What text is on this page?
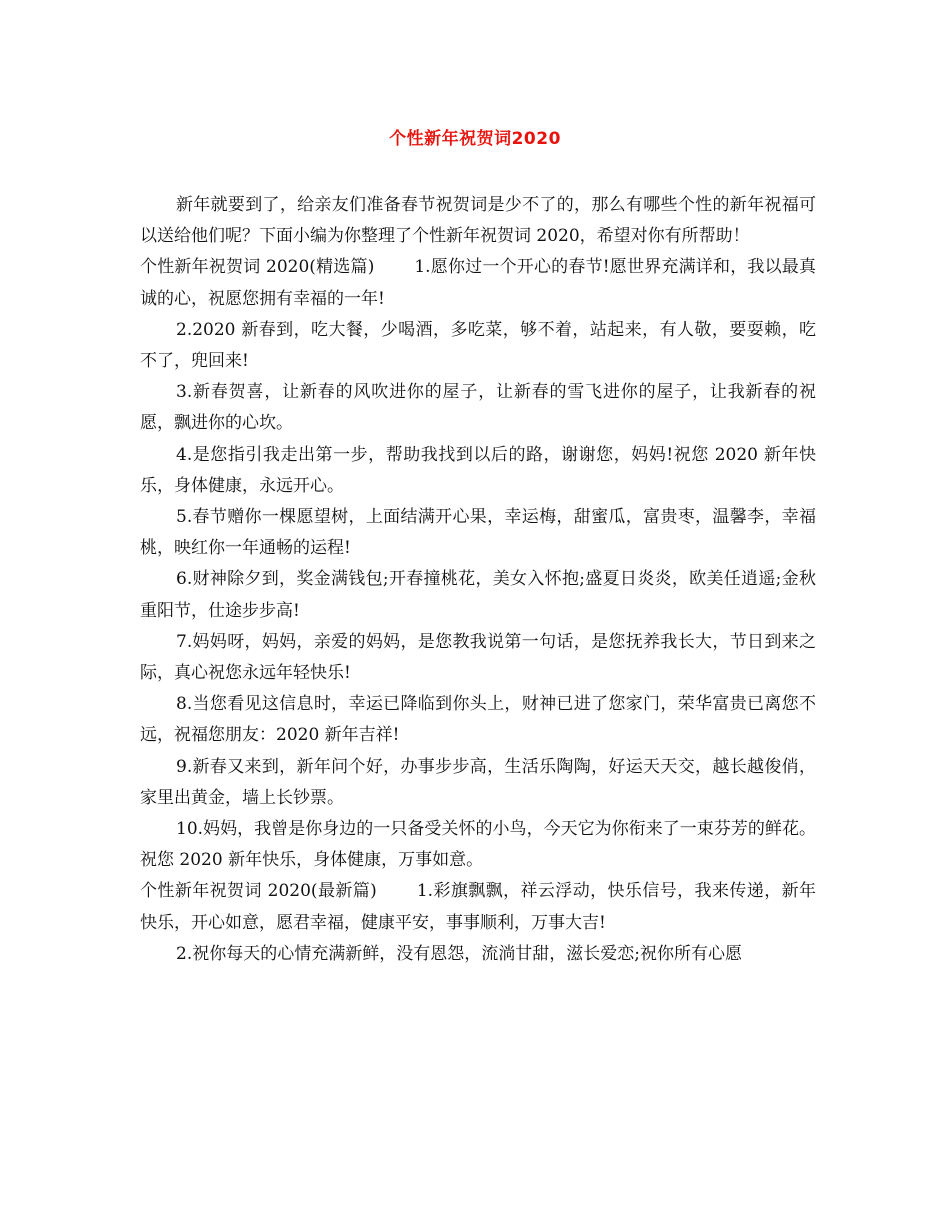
个性新年祝贺词2020

新年就要到了，给亲友们准备春节祝贺词是少不了的，那么有哪些个性的新年祝福可以送给他们呢？下面小编为你整理了个性新年祝贺词 2020，希望对你有所帮助！

个性新年祝贺词 2020(精选篇) 1.愿你过一个开心的春节!愿世界充满详和，我以最真诚的心，祝愿您拥有幸福的一年!

2.2020 新春到，吃大餐，少喝酒，多吃菜，够不着，站起来，有人敬，要耍赖，吃不了，兜回来!

3.新春贺喜，让新春的风吹进你的屋子，让新春的雪飞进你的屋子，让我新春的祝愿，飘进你的心坎。

4.是您指引我走出第一步，帮助我找到以后的路，谢谢您，妈妈!祝您 2020 新年快乐，身体健康，永远开心。

5.春节赠你一棵愿望树，上面结满开心果，幸运梅，甜蜜瓜，富贵枣，温馨李，幸福桃，映红你一年通畅的运程!

6.财神除夕到，奖金满钱包;开春撞桃花，美女入怀抱;盛夏日炎炎，欧美任逍遥;金秋重阳节，仕途步步高!

7.妈妈呀，妈妈，亲爱的妈妈，是您教我说第一句话，是您抚养我长大，节日到来之际，真心祝您永远年轻快乐!

8.当您看见这信息时，幸运已降临到你头上，财神已进了您家门，荣华富贵已离您不远，祝福您朋友：2020 新年吉祥!

9.新春又来到，新年问个好，办事步步高，生活乐陶陶，好运天天交，越长越俊俏，家里出黄金，墙上长钞票。

10.妈妈，我曾是你身边的一只备受关怀的小鸟，今天它为你衔来了一束芬芳的鲜花。祝您 2020 新年快乐，身体健康，万事如意。

个性新年祝贺词 2020(最新篇) 1.彩旗飘飘，祥云浮动，快乐信号，我来传递，新年快乐，开心如意，愿君幸福，健康平安，事事顺利，万事大吉!

2.祝你每天的心情充满新鲜，没有恩怨，流淌甘甜，滋长爱恋;祝你所有心愿
